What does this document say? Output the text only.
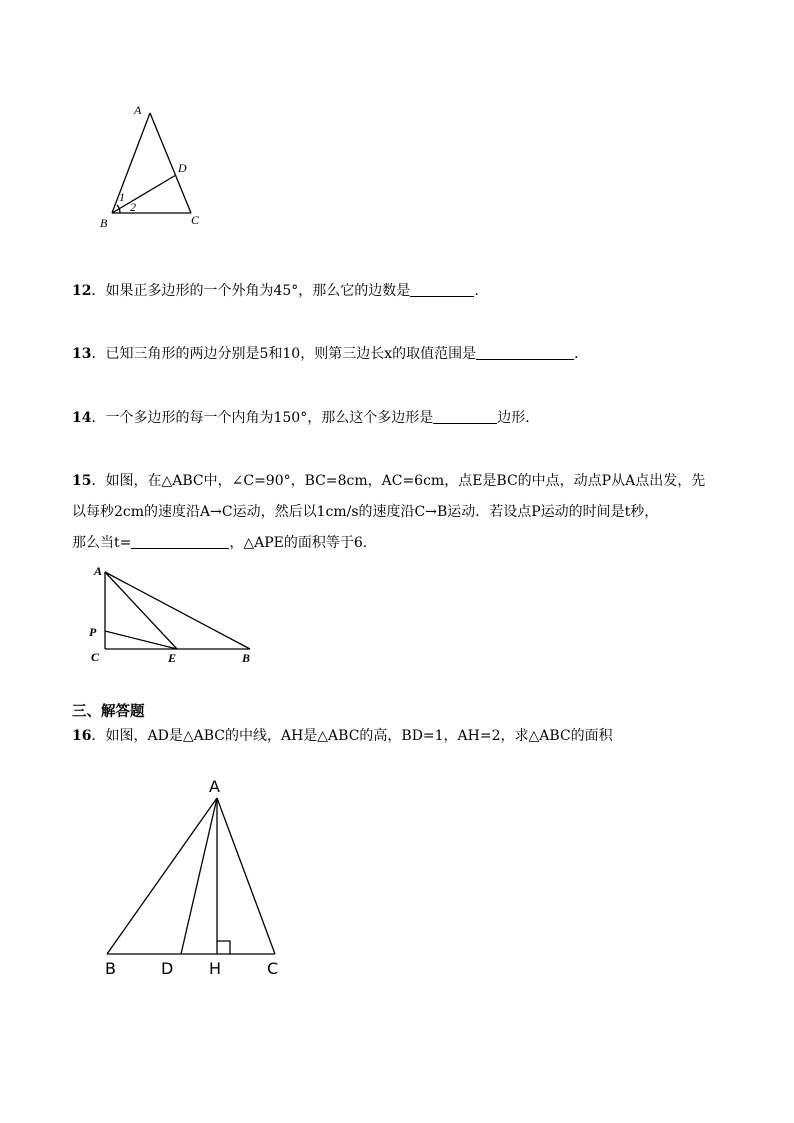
A
D
1
2
B	C
12．如果正多边形的一个外角为45°，那么它的边数是	.
13．已知三角形的两边分别是5和10，则第三边长x的取值范围是	．
14．一个多边形的每一个内角为150°，那么这个多边形是	边形．
15．如图，在△ABC中，∠C=90°，BC=8cm，AC=6cm，点E是BC的中点，动点P从A点出发，先
以每秒2cm的速度沿A→C运动，然后以1cm/s的速度沿C→B运动．若设点P运动的时间是t秒，
那么当t=	，△APE的面积等于6．
A
P
C	E	B
三、解答题
16．如图，AD是△ABC的中线，AH是△ABC的高，BD=1，AH=2，求△ABC的面积
A
B	D H	C
